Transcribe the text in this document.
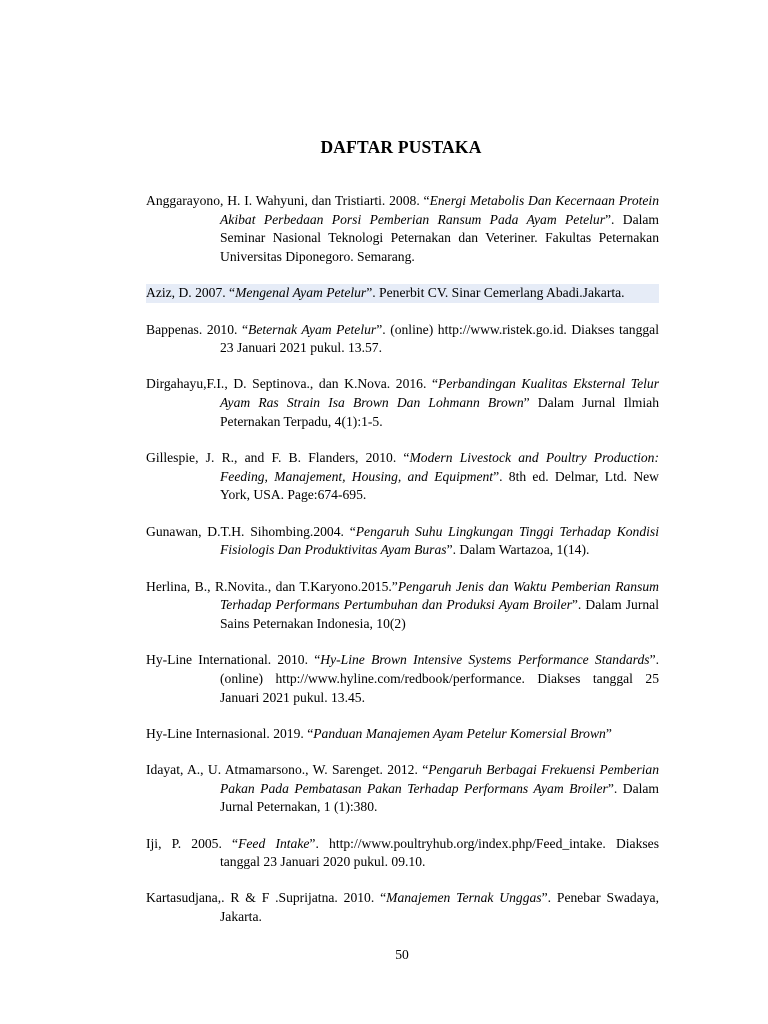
DAFTAR PUSTAKA

Anggarayono, H. I. Wahyuni, dan Tristiarti. 2008. “Energi Metabolis Dan Kecernaan Protein Akibat Perbedaan Porsi Pemberian Ransum Pada Ayam Petelur”. Dalam Seminar Nasional Teknologi Peternakan dan Veteriner. Fakultas Peternakan Universitas Diponegoro. Semarang.

Aziz, D. 2007. “Mengenal Ayam Petelur”. Penerbit CV. Sinar Cemerlang Abadi.Jakarta.

Bappenas. 2010. “Beternak Ayam Petelur”. (online) http://www.ristek.go.id. Diakses tanggal 23 Januari 2021 pukul. 13.57.

Dirgahayu,F.I., D. Septinova., dan K.Nova. 2016. “Perbandingan Kualitas Eksternal Telur Ayam Ras Strain Isa Brown Dan Lohmann Brown” Dalam Jurnal Ilmiah Peternakan Terpadu, 4(1):1-5.

Gillespie, J. R., and F. B. Flanders, 2010. “Modern Livestock and Poultry Production: Feeding, Manajement, Housing, and Equipment”. 8th ed. Delmar, Ltd. New York, USA. Page:674-695.

Gunawan, D.T.H. Sihombing.2004. “Pengaruh Suhu Lingkungan Tinggi Terhadap Kondisi Fisiologis Dan Produktivitas Ayam Buras”. Dalam Wartazoa, 1(14).

Herlina, B., R.Novita., dan T.Karyono.2015.”Pengaruh Jenis dan Waktu Pemberian Ransum Terhadap Performans Pertumbuhan dan Produksi Ayam Broiler”. Dalam Jurnal Sains Peternakan Indonesia, 10(2)

Hy-Line International. 2010. “Hy-Line Brown Intensive Systems Performance Standards”. (online) http://www.hyline.com/redbook/performance. Diakses tanggal 25 Januari 2021 pukul. 13.45.

Hy-Line Internasional. 2019. “Panduan Manajemen Ayam Petelur Komersial Brown”

Idayat, A., U. Atmamarsono., W. Sarenget. 2012. “Pengaruh Berbagai Frekuensi Pemberian Pakan Pada Pembatasan Pakan Terhadap Performans Ayam Broiler”. Dalam Jurnal Peternakan, 1 (1):380.

Iji, P. 2005. “Feed Intake”. http://www.poultryhub.org/index.php/Feed_intake. Diakses tanggal 23 Januari 2020 pukul. 09.10.

Kartasudjana,. R & F .Suprijatna. 2010. “Manajemen Ternak Unggas”. Penebar Swadaya, Jakarta.

50
